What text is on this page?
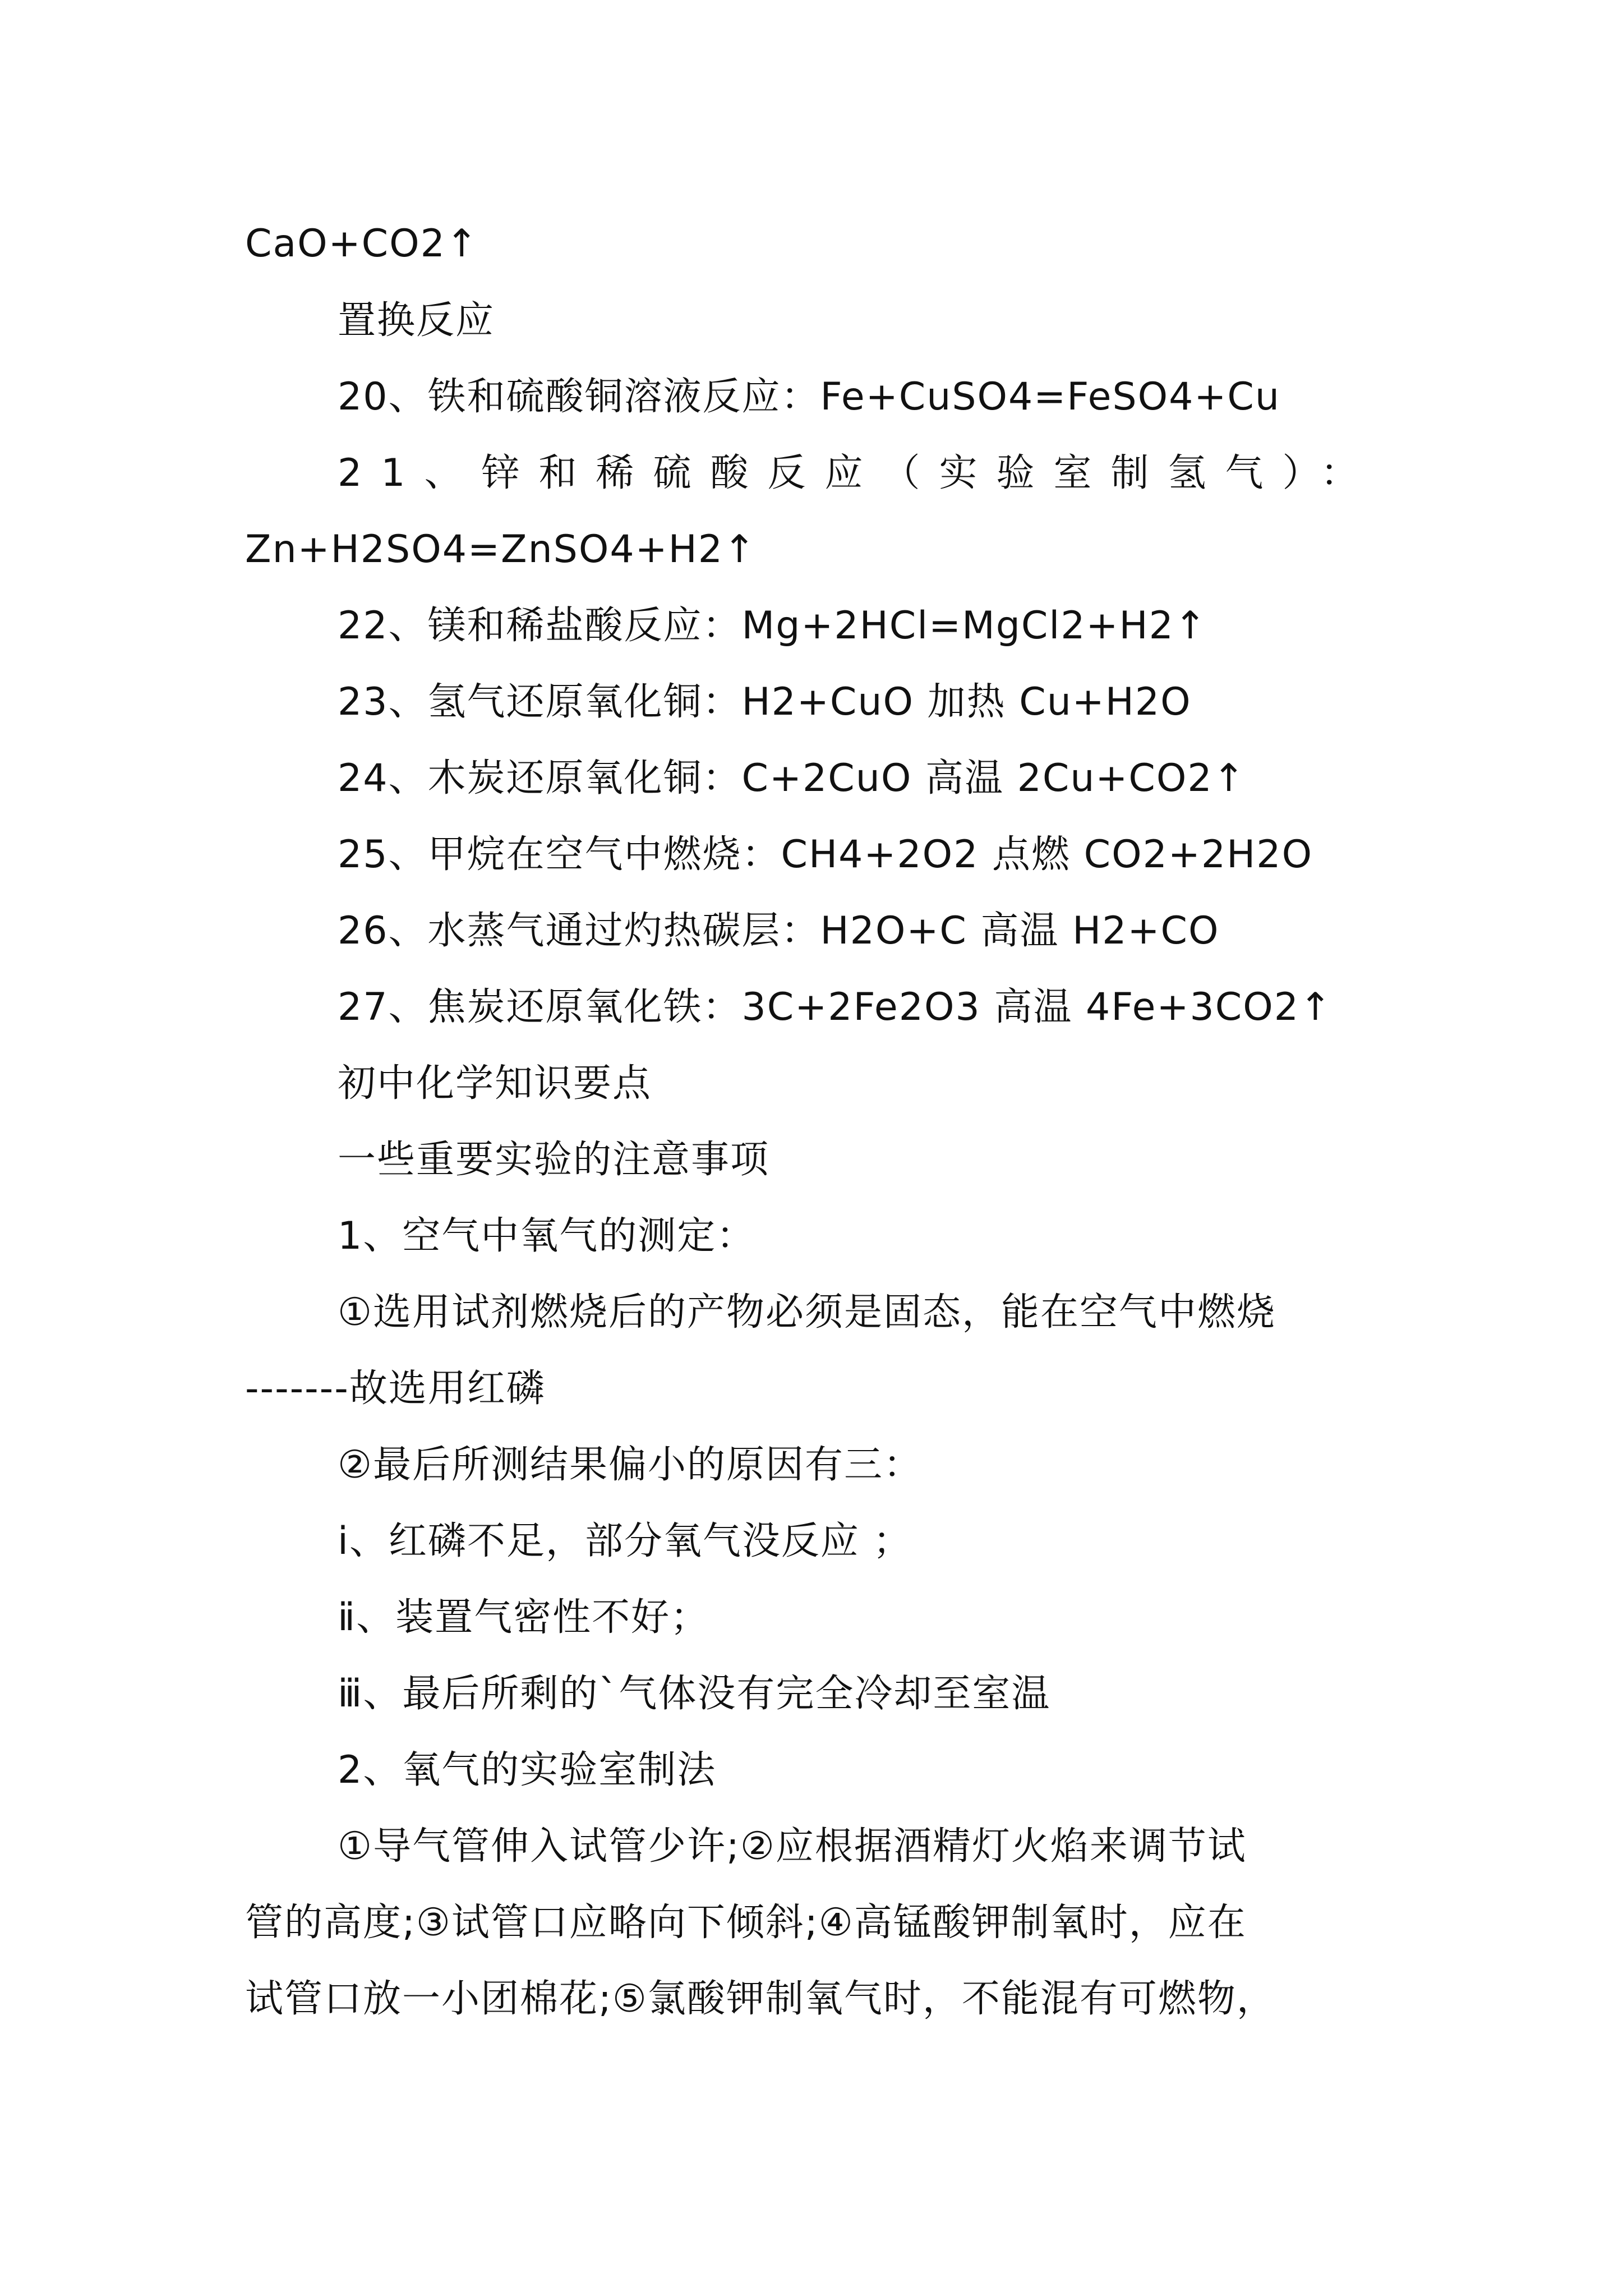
CaO+CO2↑
置换反应
20、铁和硫酸铜溶液反应：Fe+CuSO4=FeSO4+Cu
21、锌和稀硫酸反应（实验室制氢气）：
Zn+H2SO4=ZnSO4+H2↑
22、镁和稀盐酸反应：Mg+2HCl=MgCl2+H2↑
23、氢气还原氧化铜：H2+CuO 加热 Cu+H2O
24、木炭还原氧化铜：C+2CuO 高温 2Cu+CO2↑
25、甲烷在空气中燃烧：CH4+2O2 点燃 CO2+2H2O
26、水蒸气通过灼热碳层：H2O+C 高温 H2+CO
27、焦炭还原氧化铁：3C+2Fe2O3 高温 4Fe+3CO2↑
初中化学知识要点
一些重要实验的注意事项
1、空气中氧气的测定：
①选用试剂燃烧后的产物必须是固态，能在空气中燃烧
-------故选用红磷
②最后所测结果偏小的原因有三：
ⅰ、红磷不足，部分氧气没反应 ；
ⅱ、装置气密性不好；
ⅲ、最后所剩的`气体没有完全冷却至室温
2、氧气的实验室制法
①导气管伸入试管少许;②应根据酒精灯火焰来调节试
管的高度;③试管口应略向下倾斜;④高锰酸钾制氧时，应在
试管口放一小团棉花;⑤氯酸钾制氧气时，不能混有可燃物，
